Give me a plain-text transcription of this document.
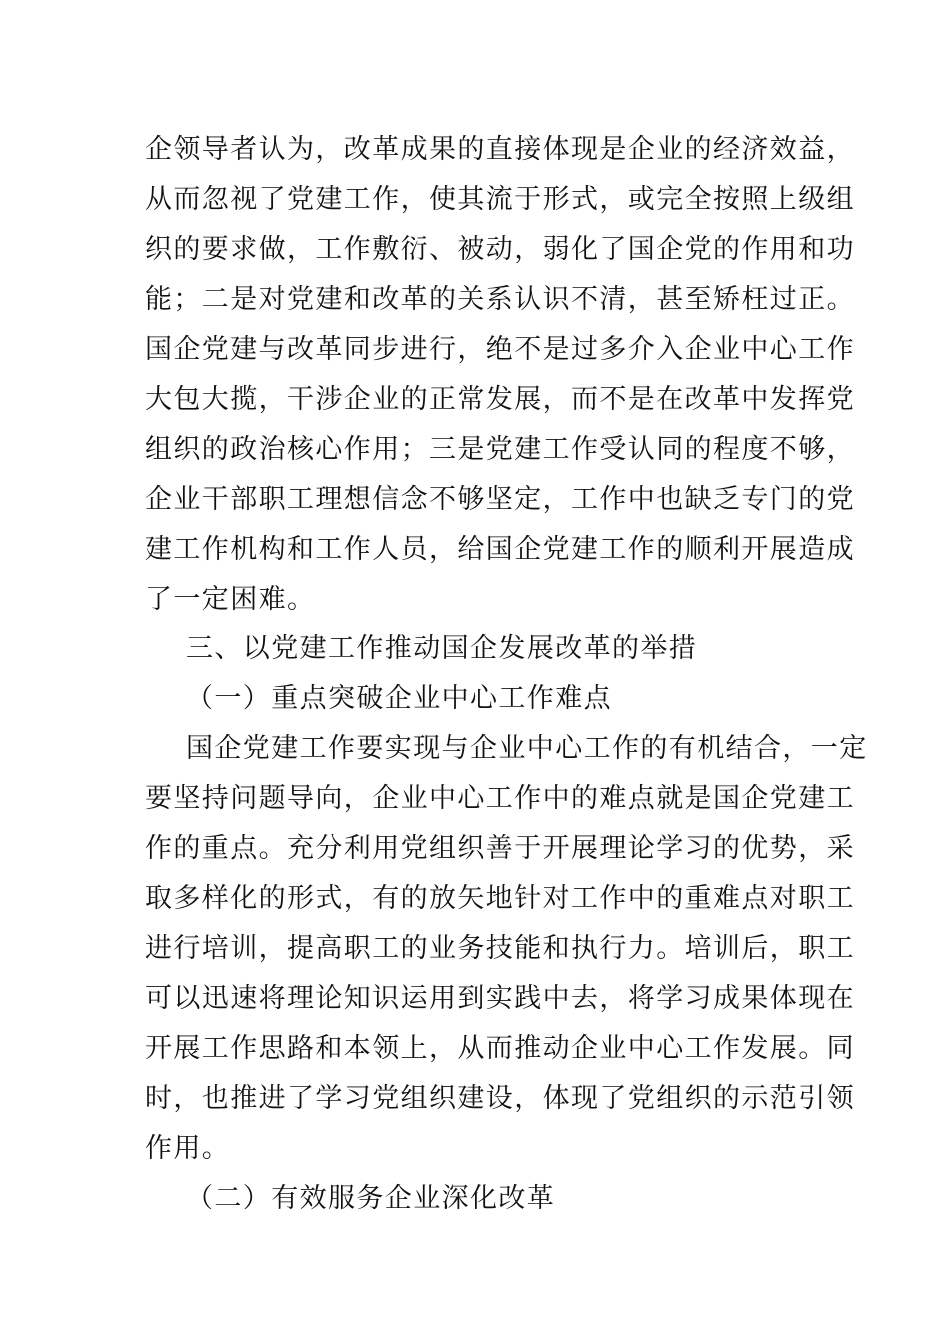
企领导者认为，改革成果的直接体现是企业的经济效益，
从而忽视了党建工作，使其流于形式，或完全按照上级组
织的要求做，工作敷衍、被动，弱化了国企党的作用和功
能；二是对党建和改革的关系认识不清，甚至矫枉过正。
国企党建与改革同步进行，绝不是过多介入企业中心工作
大包大揽，干涉企业的正常发展，而不是在改革中发挥党
组织的政治核心作用；三是党建工作受认同的程度不够，
企业干部职工理想信念不够坚定，工作中也缺乏专门的党
建工作机构和工作人员，给国企党建工作的顺利开展造成
了一定困难。
三、以党建工作推动国企发展改革的举措
（一）重点突破企业中心工作难点
国企党建工作要实现与企业中心工作的有机结合，一定
要坚持问题导向，企业中心工作中的难点就是国企党建工
作的重点。充分利用党组织善于开展理论学习的优势，采
取多样化的形式，有的放矢地针对工作中的重难点对职工
进行培训，提高职工的业务技能和执行力。培训后，职工
可以迅速将理论知识运用到实践中去，将学习成果体现在
开展工作思路和本领上，从而推动企业中心工作发展。同
时，也推进了学习党组织建设，体现了党组织的示范引领
作用。
（二）有效服务企业深化改革
